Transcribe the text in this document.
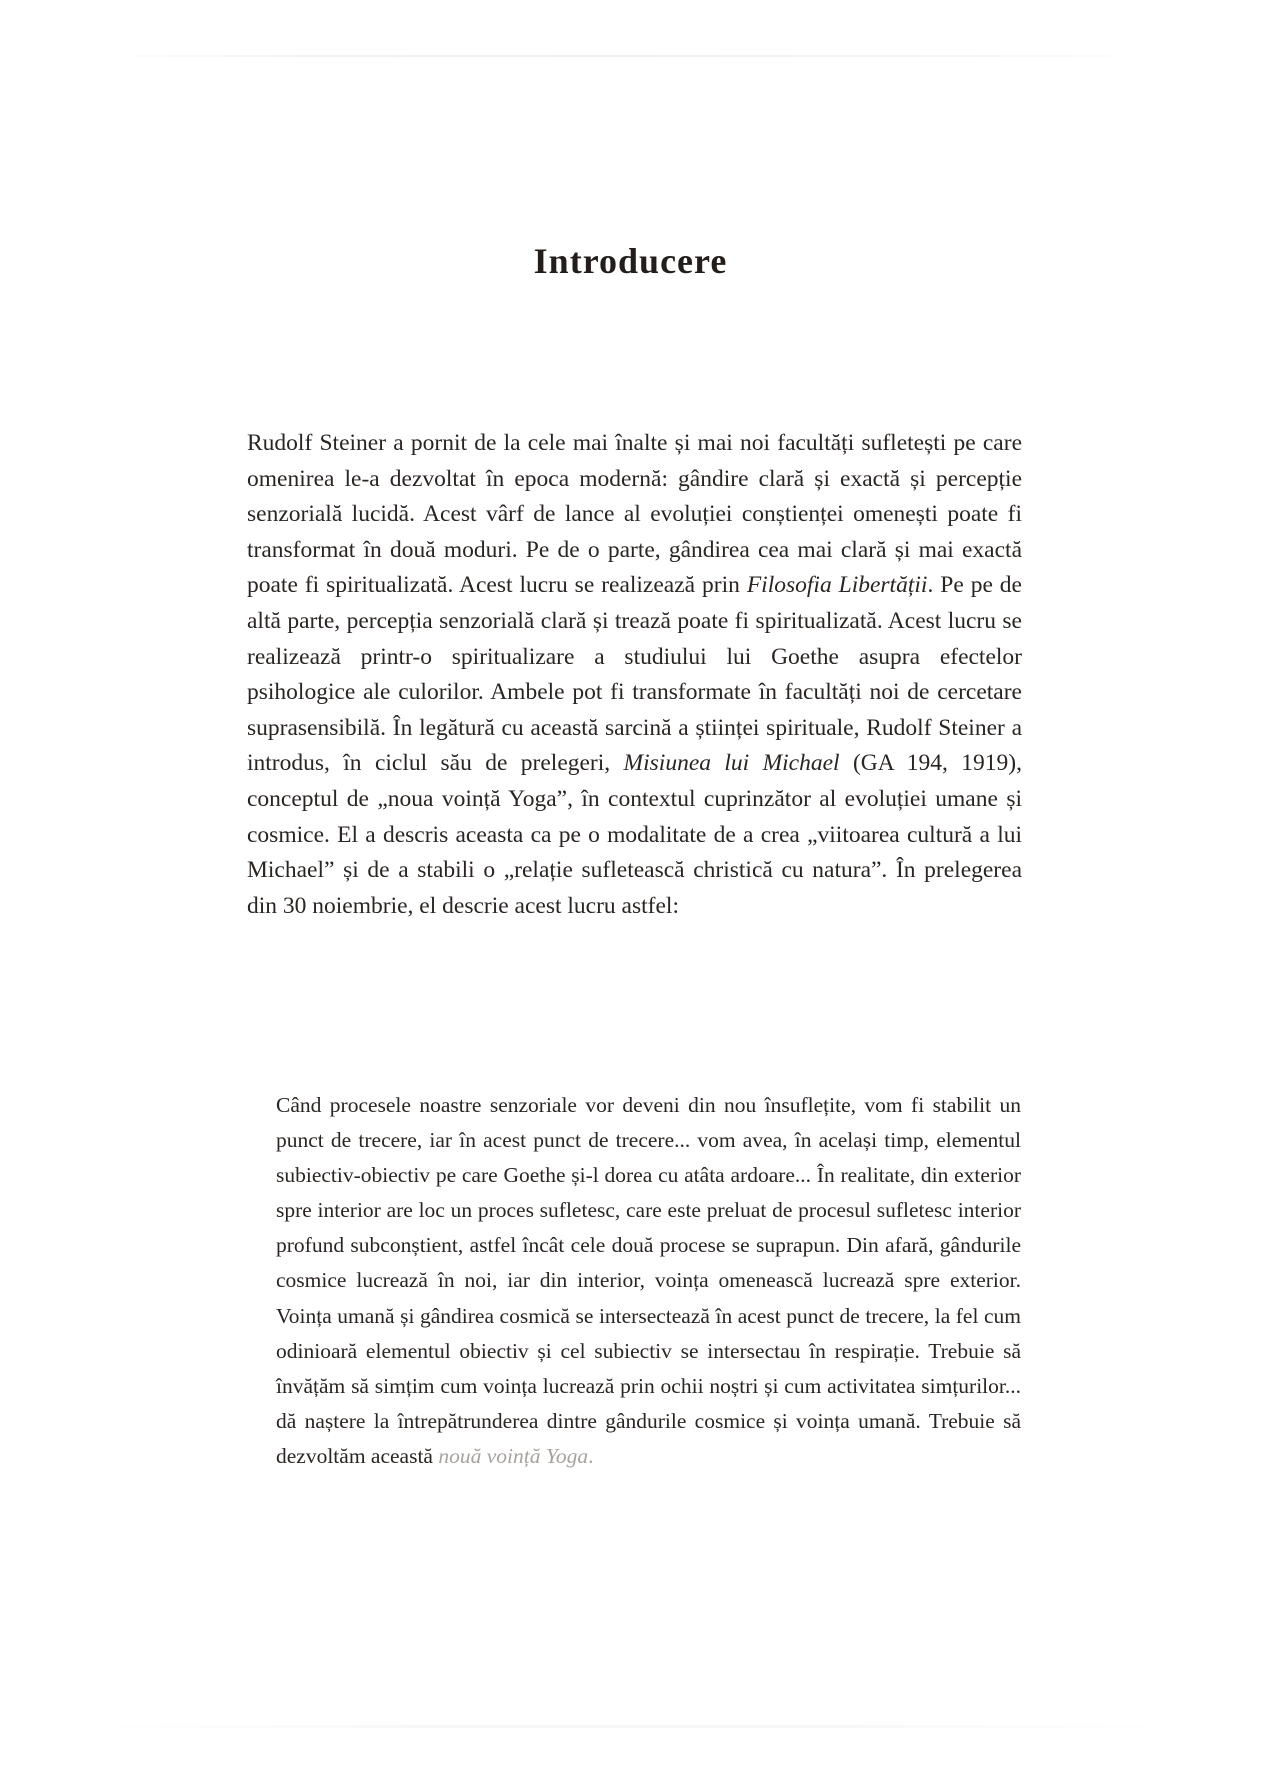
Introducere

Rudolf Steiner a pornit de la cele mai înalte și mai noi facultăți sufletești pe care omenirea le-a dezvoltat în epoca modernă: gândire clară și exactă și percepție senzorială lucidă. Acest vârf de lance al evoluției conștienței omenești poate fi transformat în două moduri. Pe de o parte, gândirea cea mai clară și mai exactă poate fi spiritualizată. Acest lucru se realizează prin Filosofia Libertății. Pe pe de altă parte, percepția senzorială clară și trează poate fi spiritualizată. Acest lucru se realizează printr-o spiritualizare a studiului lui Goethe asupra efectelor psihologice ale culorilor. Ambele pot fi transformate în facultăți noi de cercetare suprasensibilă. În legătură cu această sarcină a științei spirituale, Rudolf Steiner a introdus, în ciclul său de prelegeri, Misiunea lui Michael (GA 194, 1919), conceptul de „noua voință Yoga”, în contextul cuprinzător al evoluției umane și cosmice. El a descris aceasta ca pe o modalitate de a crea „viitoarea cultură a lui Michael” și de a stabili o „relație sufletească christică cu natura”. În prelegerea din 30 noiembrie, el descrie acest lucru astfel:

Când procesele noastre senzoriale vor deveni din nou însuflețite, vom fi stabilit un punct de trecere, iar în acest punct de trecere... vom avea, în același timp, elementul subiectiv-obiectiv pe care Goethe și-l dorea cu atâta ardoare... În realitate, din exterior spre interior are loc un proces sufletesc, care este preluat de procesul sufletesc interior profund subconștient, astfel încât cele două procese se suprapun. Din afară, gândurile cosmice lucrează în noi, iar din interior, voința omenească lucrează spre exterior. Voința umană și gândirea cosmică se intersectează în acest punct de trecere, la fel cum odinioară elementul obiectiv și cel subiectiv se intersectau în respirație. Trebuie să învățăm să simțim cum voința lucrează prin ochii noștri și cum activitatea simțurilor... dă naștere la întrepătrunderea dintre gândurile cosmice și voința umană. Trebuie să dezvoltăm această nouă voință Yoga.
